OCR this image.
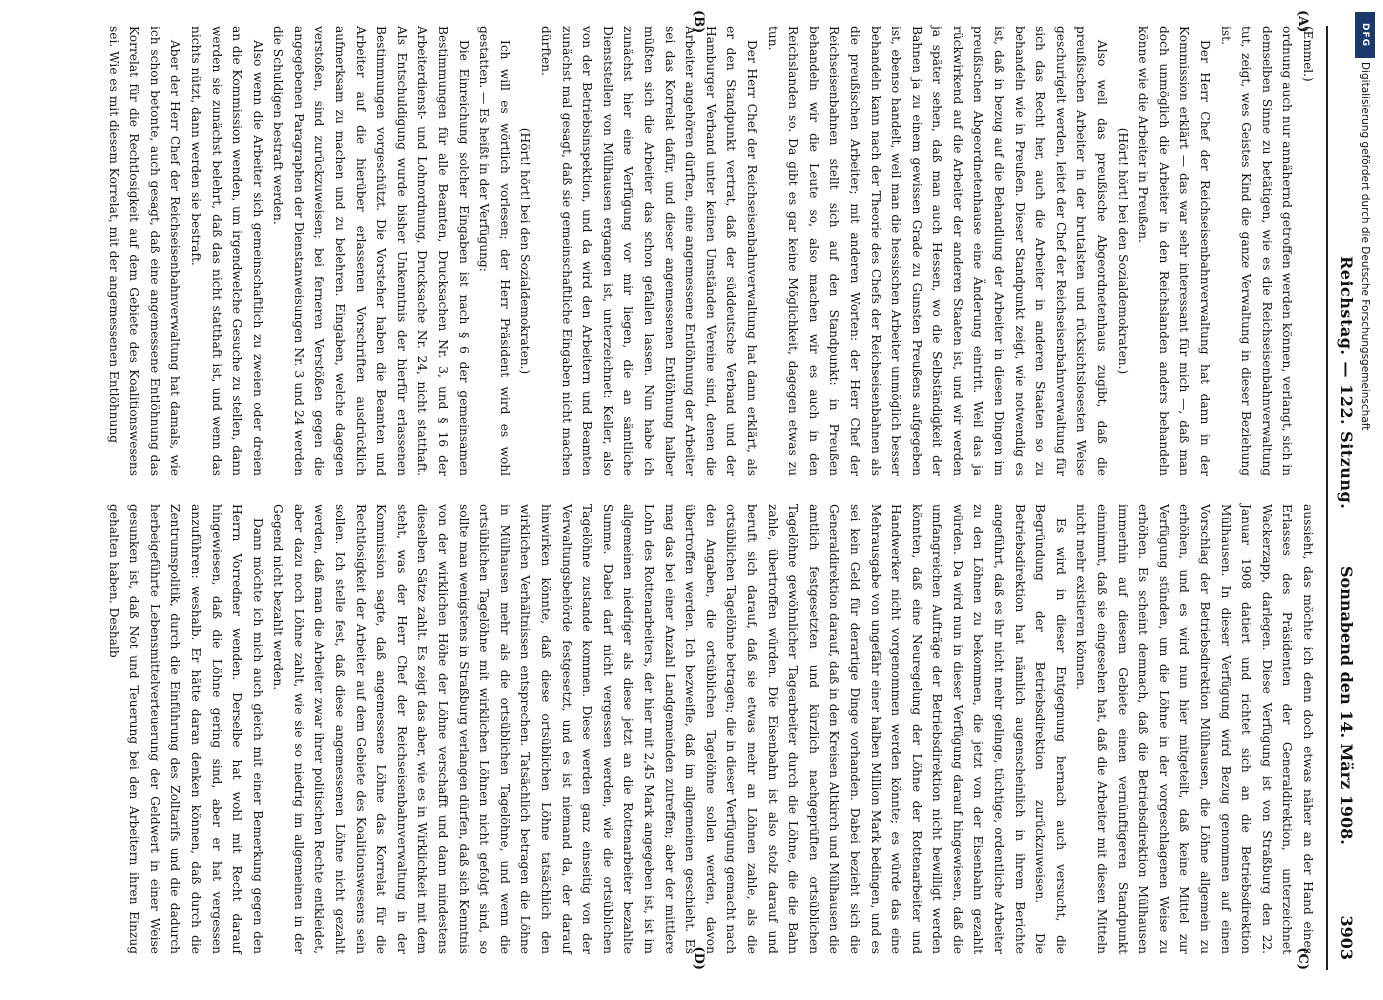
Reichstag. — 122. Sitzung.
Sonnabend den 14. März 1908.
3903
(A)
(B)

(Emmel.)

ordnung auch nur annähernd getroffen werden können, verlangt, sich in demselben Sinne zu betätigen, wie es die Reichseisenbahnverwaltung tut, zeigt, wes Geistes Kind die ganze Verwaltung in dieser Beziehung ist.

Der Herr Chef der Reichseisenbahnverwaltung hat dann in der Kommission erklärt — das war sehr interessant für mich —, daß man doch unmöglich die Arbeiter in den Reichslanden anders behandeln könne wie die Arbeiter in Preußen.

(Hört! hört! bei den Sozialdemokraten.)

Also weil das preußische Abgeordnetenhaus zugibt, daß die preußischen Arbeiter in der brutalsten und rücksichtslosesten Weise geschurigelt werden, leitet der Chef der Reichseisenbahnverwaltung für sich das Recht her, auch die Arbeiter in anderen Staaten so zu behandeln wie in Preußen. Dieser Standpunkt zeigt, wie notwendig es ist, daß in bezug auf die Behandlung der Arbeiter in diesen Dingen im preußischen Abgeordnetenhause eine Änderung eintritt. Weil das ja rückwirkend auf die Arbeiter der anderen Staaten ist, und wir werden ja später sehen, daß man auch Hessen, wo die Selbständigkeit der Bahnen ja zu einem gewissen Grade zu Gunsten Preußens aufgegeben ist, ebenso handelt, weil man die hessischen Arbeiter unmöglich besser behandeln kann nach der Theorie des Chefs der Reichseisenbahnen als die preußischen Arbeiter; mit anderen Worten: der Herr Chef der Reichseisenbahnen stellt sich auf den Standpunkt: in Preußen behandeln wir die Leute so, also machen wir es auch in den Reichslanden so. Da gibt es gar keine Möglichkeit, dagegen etwas zu tun.

Der Herr Chef der Reichseisenbahnverwaltung hat dann erklärt, als er den Standpunkt vertrat, daß der süddeutsche Verband und der Hamburger Verband unter keinen Umständen Vereine sind, denen die Arbeiter angehören dürften, eine angemessene Entlöhnung der Arbeiter sei das Korrelat dafür, und dieser angemessenen Entlöhnung halber müßten sich die Arbeiter das schon gefallen lassen. Nun habe ich zunächst hier eine Verfügung vor mir liegen, die an sämtliche Dienststellen von Mülhausen ergangen ist, unterzeichnet: Keller, also von der Betriebsinspektion, und da wird den Arbeitern und Beamten zunächst mal gesagt, daß sie gemeinschaftliche Eingaben nicht machen dürften.

(Hört! hört! bei den Sozialdemokraten.)

Ich will es wörtlich vorlesen; der Herr Präsident wird es wohl gestatten. — Es heißt in der Verfügung:

Die Einreichung solcher Eingaben ist nach § 6 der gemeinsamen Bestimmungen für alle Beamten, Drucksachen Nr. 3, und § 16 der Arbeiterdienst- und Lohnordnung, Drucksache Nr. 24, nicht statthaft. Als Entschuldigung wurde bisher Unkenntnis der hierfür erlassenen Bestimmungen vorgeschützt. Die Vorsteher haben die Beamten und Arbeiter auf die hierüber erlassenen Vorschriften ausdrücklich aufmerksam zu machen und zu belehren. Eingaben, welche dagegen verstoßen, sind zurückzuweisen; bei ferneren Verstößen gegen die angegebenen Paragraphen der Dienstanweisungen Nr. 3 und 24 werden die Schuldigen bestraft werden.

Also wenn die Arbeiter sich gemeinschaftlich zu zweien oder dreien an die Kommission wenden, um irgendwelche Gesuche zu stellen, dann werden sie zunächst belehrt, daß das nicht statthaft ist, und wenn das nichts nützt, dann werden sie bestraft.

Aber der Herr Chef der Reichseisenbahnverwaltung hat damals, wie ich schon betonte, auch gesagt, daß eine angemessene Entlöhnung das Korrelat für die Rechtlosigkeit auf dem Gebiete des Koalitionswesens sei. Wie es mit diesem Korrelat, mit der angemessenen Entlöhnung

(C)
(D)

aussieht, das möchte ich denn doch etwas näher an der Hand eines Erlasses des Präsidenten der Generaldirektion, unterzeichnet Wackerzapp, darlegen. Diese Verfügung ist von Straßburg den 22. Januar 1908 datiert und richtet sich an die Betriebsdirektion Mülhausen. In dieser Verfügung wird Bezug genommen auf einen Vorschlag der Betriebsdirektion Mülhausen, die Löhne allgemein zu erhöhen, und es wird nun hier mitgeteilt, daß keine Mittel zur Verfügung stünden, um die Löhne in der vorgeschlagenen Weise zu erhöhen. Es scheint demnach, daß die Betriebsdirektion Mülhausen immerhin auf diesem Gebiete einen vernünftigeren Standpunkt einnimmt, daß sie eingesehen hat, daß die Arbeiter mit diesen Mitteln nicht mehr existieren können.

Es wird in dieser Entgegnung hernach auch versucht, die Begründung der Betriebsdirektion zurückzuweisen. Die Betriebsdirektion hat nämlich augenscheinlich in ihrem Berichte angeführt, daß es ihr nicht mehr gelinge, tüchtige, ordentliche Arbeiter zu den Löhnen zu bekommen, die jetzt von der Eisenbahn gezahlt würden. Da wird nun in dieser Verfügung darauf hingewiesen, daß die umfangreichen Aufträge der Betriebsdirektion nicht bewilligt werden könnten, daß eine Neuregelung der Löhne der Rottenarbeiter und Handwerker nicht vorgenommen werden könnte; es würde das eine Mehrausgabe von ungefähr einer halben Million Mark bedingen, und es sei kein Geld für derartige Dinge vorhanden. Dabei bezieht sich die Generaldirektion darauf, daß in den Kreisen Altkirch und Mülhausen die amtlich festgesetzten und kürzlich nachgeprüften ortsüblichen Tagelöhne gewöhnlicher Tagearbeiter durch die Löhne, die die Bahn zahle, übertroffen würden. Die Eisenbahn ist also stolz darauf und beruft sich darauf, daß sie etwas mehr an Löhnen zahle, als die ortsüblichen Tagelöhne betragen; die in dieser Verfügung gemacht nach den Angaben, die ortsüblichen Tagelöhne sollen werden, davon übertroffen werden. Ich bezweifle, daß im allgemeinen geschieht. Es mag das bei einer Anzahl Landgemeinden zutreffen; aber der mittlere Lohn des Rottenarbeiters, der hier mit 2,45 Mark angegeben ist, ist im allgemeinen niedriger als diese jetzt an die Rottenarbeiter bezahlte Summe. Dabei darf nicht vergessen werden, wie die ortsüblichen Tagelöhne zustande kommen. Diese werden ganz einseitig von der Verwaltungsbehörde festgesetzt, und es ist niemand da, der darauf hinwirken könnte, daß diese ortsüblichen Löhne tatsächlich den wirklichen Verhältnissen entsprechen. Tatsächlich betragen die Löhne in Mülhausen mehr als die ortsüblichen Tagelöhne, und wenn die ortsüblichen Tagelöhne mit wirklichen Löhnen nicht gefolgt sind, so sollte man wenigstens in Straßburg verlangen dürfen, daß sich Kenntnis von der wirklichen Höhe der Löhne verschafft und dann mindestens dieselben Sätze zahlt. Es zeigt das aber, wie es in Wirklichkeit mit dem steht, was der Herr Chef der Reichseisenbahnverwaltung in der Kommission sagte, daß angemessene Löhne das Korrelat für die Rechtlosigkeit der Arbeiter auf dem Gebiete des Koalitionswesens sein sollen. Ich stelle fest, daß diese angemessenen Löhne nicht gezahlt werden, daß man die Arbeiter zwar ihrer politischen Rechte entkleidet, aber dazu noch Löhne zahlt, wie sie so niedrig im allgemeinen in der Gegend nicht bezahlt werden.

Dann möchte ich mich auch gleich mit einer Bemerkung gegen den Herrn Vorredner wenden. Derselbe hat wohl mit Recht darauf hingewiesen, daß die Löhne gering sind, aber er hat vergessen anzuführen: weshalb. Er hätte daran denken können, daß durch die Zentrumspolitik, durch die Einführung des Zolltarifs und die dadurch herbeigeführte Lebensmittelverteuerung der Geldwert in einer Weise gesunken ist, daß Not und Teuerung bei den Arbeitern ihren Einzug gehalten haben. Deshalb

DFG
Digitalisierung gefördert durch die Deutsche Forschungsgemeinschaft
